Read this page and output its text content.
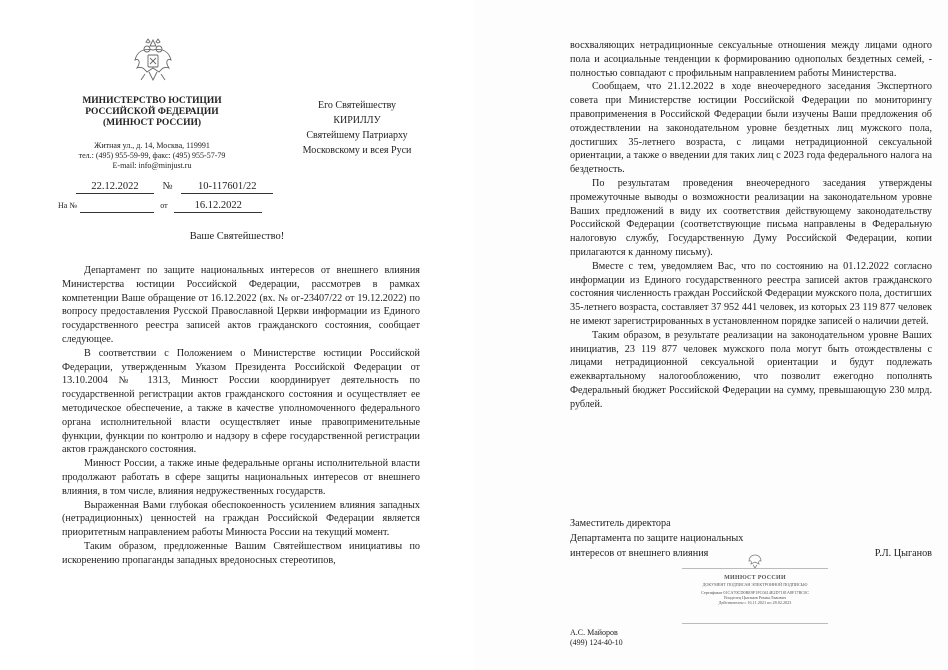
МИНИСТЕРСТВО ЮСТИЦИИ
РОССИЙСКОЙ ФЕДЕРАЦИИ
(МИНЮСТ РОССИИ)
Житная ул., д. 14, Москва, 119991
тел.: (495) 955-59-99, факс: (495) 955-57-79
E-mail: info@minjust.ru
Его Святейшеству
КИРИЛЛУ
Святейшему Патриарху
Московскому и всея Руси
22.12.2022 № 10-117601/22
На №	от	16.12.2022
Ваше Святейшество!

Департамент по защите национальных интересов от внешнего влияния Министерства юстиции Российской Федерации, рассмотрев в рамках компетенции Ваше обращение от 16.12.2022 (вх. № ог-23407/22 от 19.12.2022) по вопросу предоставления Русской Православной Церкви информации из Единого государственного реестра записей актов гражданского состояния, сообщает следующее.

В соответствии с Положением о Министерстве юстиции Российской Федерации, утвержденным Указом Президента Российской Федерации от 13.10.2004 № 1313, Минюст России координирует деятельность по государственной регистрации актов гражданского состояния и осуществляет ее методическое обеспечение, а также в качестве уполномоченного федерального органа исполнительной власти осуществляет иные правоприменительные функции, функции по контролю и надзору в сфере государственной регистрации актов гражданского состояния.

Минюст России, а также иные федеральные органы исполнительной власти продолжают работать в сфере защиты национальных интересов от внешнего влияния, в том числе, влияния недружественных государств.

Выраженная Вами глубокая обеспокоенность усилением влияния западных (нетрадиционных) ценностей на граждан Российской Федерации является приоритетным направлением работы Минюста России на текущий момент.

Таким образом, предложенные Вашим Святейшеством инициативы по искоренению пропаганды западных вредоносных стереотипов,

восхваляющих нетрадиционные сексуальные отношения между лицами одного пола и асоциальные тенденции к формированию однополых бездетных семей, - полностью совпадают с профильным направлением работы Министерства.

Сообщаем, что 21.12.2022 в ходе внеочередного заседания Экспертного совета при Министерстве юстиции Российской Федерации по мониторингу правоприменения в Российской Федерации были изучены Ваши предложения об отождествлении на законодательном уровне бездетных лиц мужского пола, достигших 35-летнего возраста, с лицами нетрадиционной сексуальной ориентации, а также о введении для таких лиц с 2023 года федерального налога на бездетность.

По результатам проведения внеочередного заседания утверждены промежуточные выводы о возможности реализации на законодательном уровне Ваших предложений в виду их соответствия действующему законодательству Российской Федерации (соответствующие письма направлены в Федеральную налоговую службу, Государственную Думу Российской Федерации, копии прилагаются к данному письму).

Вместе с тем, уведомляем Вас, что по состоянию на 01.12.2022 согласно информации из Единого государственного реестра записей актов гражданского состояния численность граждан Российской Федерации мужского пола, достигших 35-летнего возраста, составляет 37 952 441 человек, из которых 23 119 877 человек не имеют зарегистрированных в установленном порядке записей о наличии детей.

Таким образом, в результате реализации на законодательном уровне Ваших инициатив, 23 119 877 человек мужского пола могут быть отождествлены с лицами нетрадиционной сексуальной ориентации и будут подлежать ежеквартальному налогообложению, что позволит ежегодно пополнять Федеральный бюджет Российской Федерации на сумму, превышающую 230 млрд. рублей.

Заместитель директора
Департамента по защите национальных
интересов от внешнего влияния	Р.Л. Цыганов
МИНЮСТ РОССИИ
ДОКУМЕНТ ПОДПИСАН ЭЛЕКТРОННОЙ ПОДПИСЬЮ
Сертификат 01CA70CD0BE9F1FC0414E2D7181A8F17BC0C
Владелец Цыганов Роман Львович
Действителен с 16.11.2021 по 28.02.2023
А.С. Майоров
(499) 124-40-10
